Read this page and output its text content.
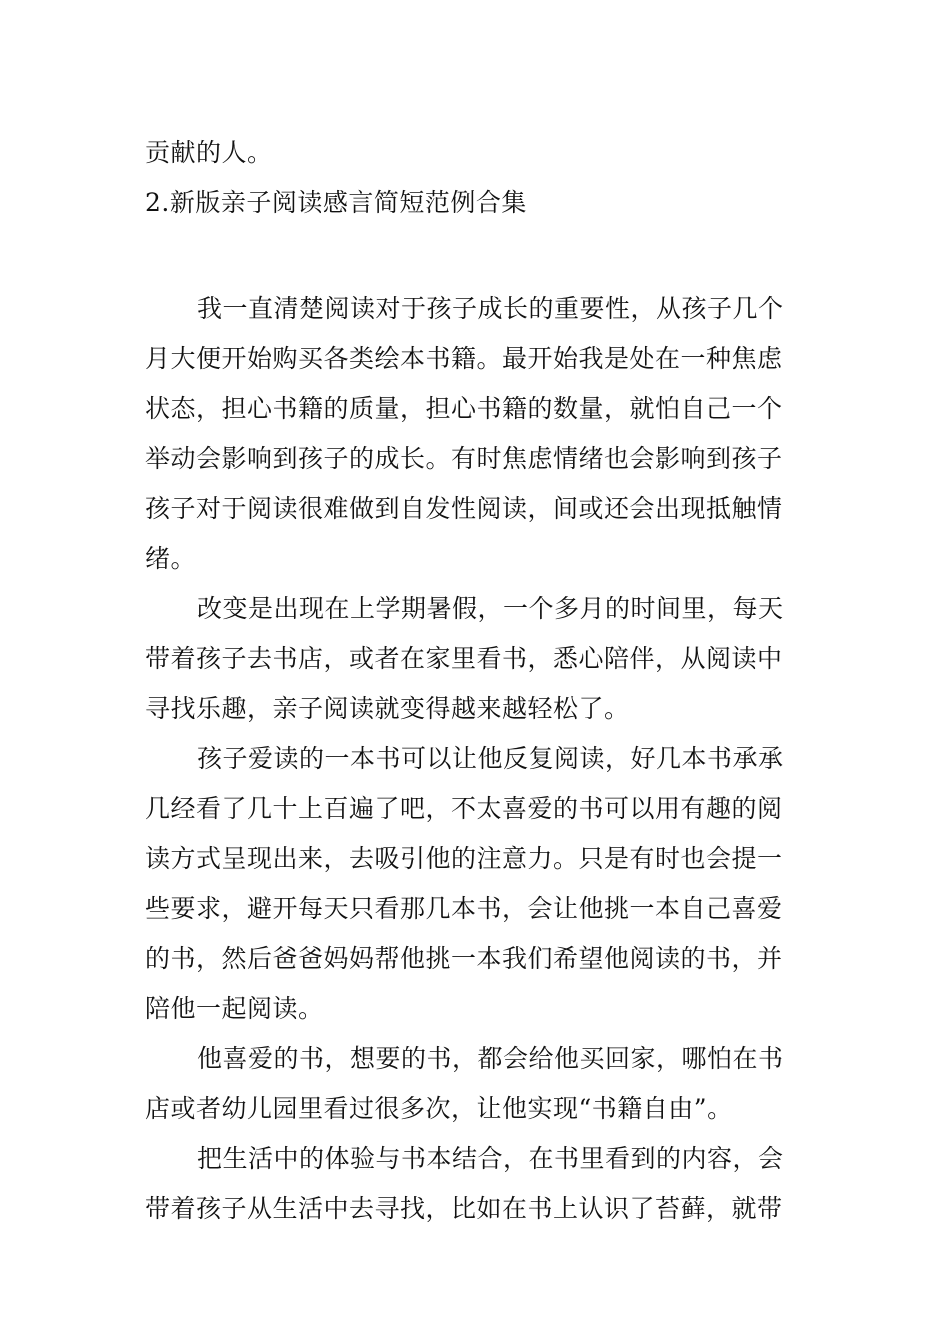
贡献的人。
2.新版亲子阅读感言简短范例合集
我一直清楚阅读对于孩子成长的重要性，从孩子几个
月大便开始购买各类绘本书籍。最开始我是处在一种焦虑
状态，担心书籍的质量，担心书籍的数量，就怕自己一个
举动会影响到孩子的成长。有时焦虑情绪也会影响到孩子
孩子对于阅读很难做到自发性阅读，间或还会出现抵触情
绪。
改变是出现在上学期暑假，一个多月的时间里，每天
带着孩子去书店，或者在家里看书，悉心陪伴，从阅读中
寻找乐趣，亲子阅读就变得越来越轻松了。
孩子爱读的一本书可以让他反复阅读，好几本书承承
几经看了几十上百遍了吧，不太喜爱的书可以用有趣的阅
读方式呈现出来，去吸引他的注意力。只是有时也会提一
些要求，避开每天只看那几本书，会让他挑一本自己喜爱
的书，然后爸爸妈妈帮他挑一本我们希望他阅读的书，并
陪他一起阅读。
他喜爱的书，想要的书，都会给他买回家，哪怕在书
店或者幼儿园里看过很多次，让他实现“书籍自由”。
把生活中的体验与书本结合，在书里看到的内容，会
带着孩子从生活中去寻找，比如在书上认识了苔藓，就带
